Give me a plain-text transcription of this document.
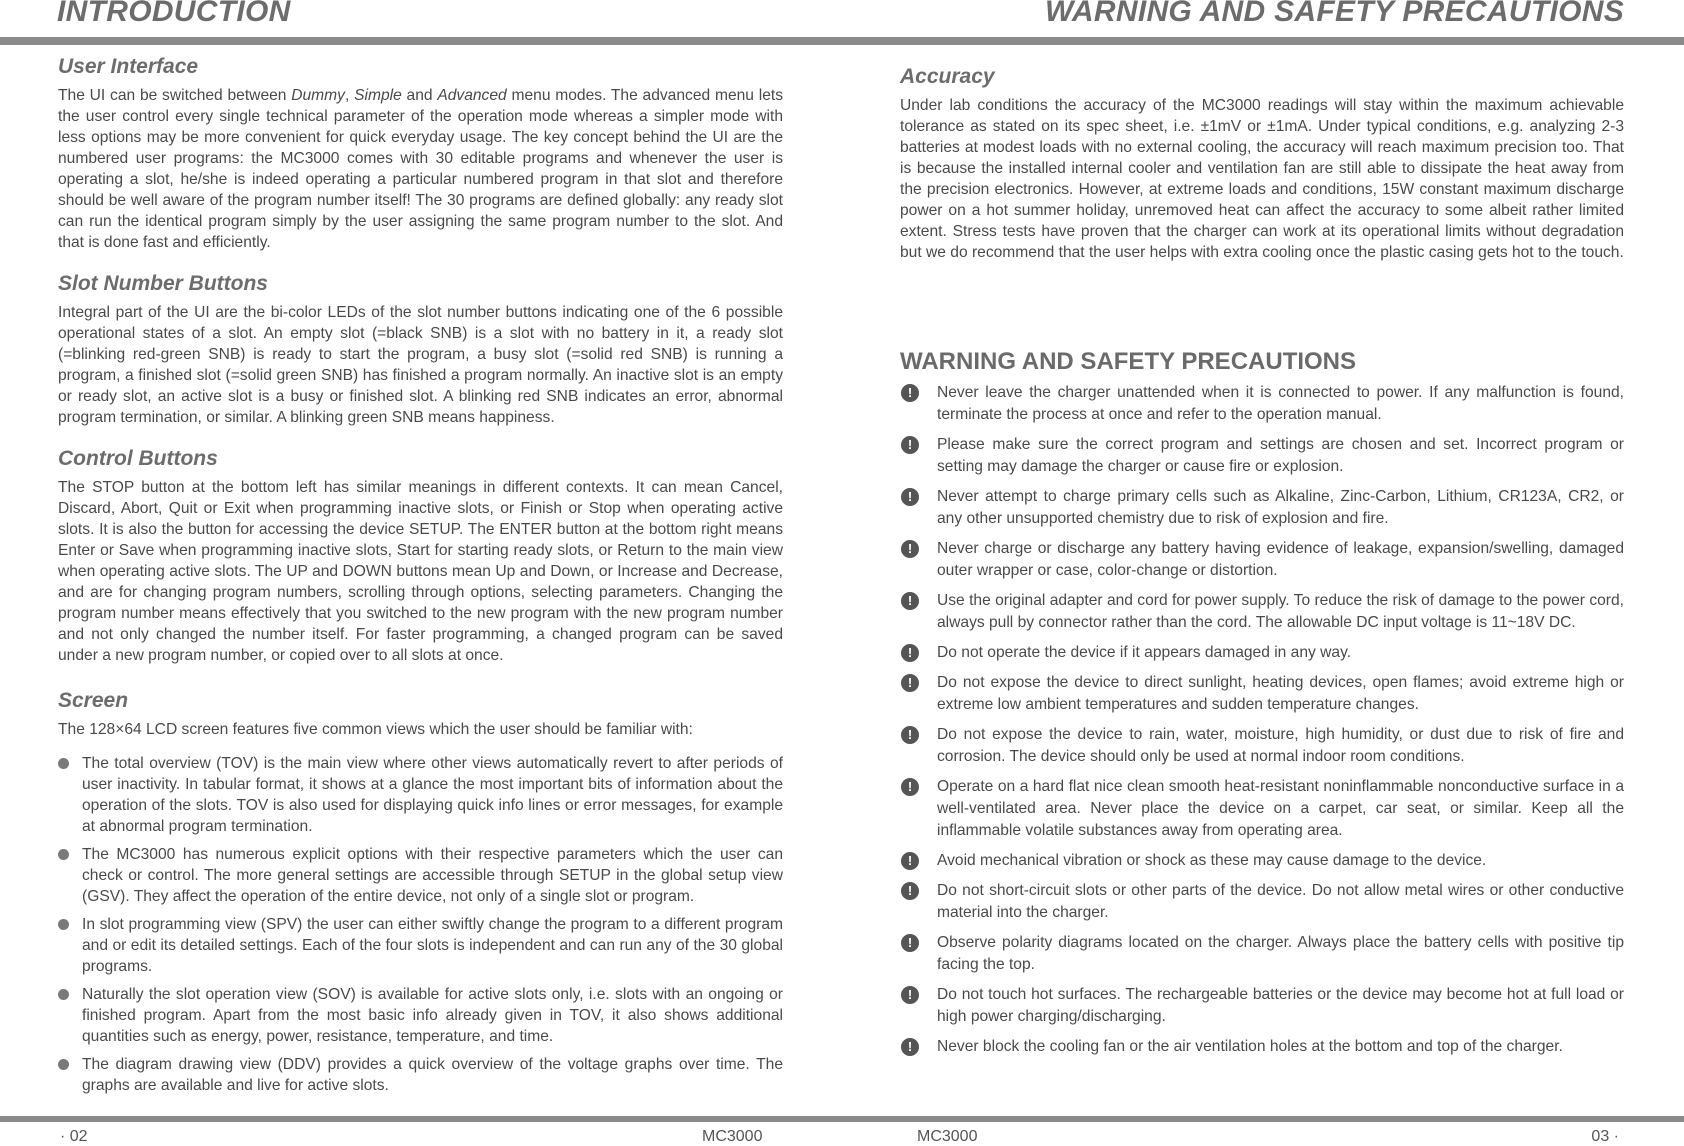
INTRODUCTION	WARNING AND SAFETY PRECAUTIONS
User Interface

The UI can be switched between Dummy, Simple and Advanced menu modes. The advanced menu lets the user control every single technical parameter of the operation mode whereas a simpler mode with less options may be more convenient for quick everyday usage. The key concept behind the UI are the numbered user programs: the MC3000 comes with 30 editable programs and whenever the user is operating a slot, he/she is indeed operating a particular numbered program in that slot and therefore should be well aware of the program number itself! The 30 programs are defined globally: any ready slot can run the identical program simply by the user assigning the same program number to the slot. And that is done fast and efficiently.

Slot Number Buttons

Integral part of the UI are the bi-color LEDs of the slot number buttons indicating one of the 6 possible operational states of a slot. An empty slot (=black SNB) is a slot with no battery in it, a ready slot (=blinking red-green SNB) is ready to start the program, a busy slot (=solid red SNB) is running a program, a finished slot (=solid green SNB) has finished a program normally. An inactive slot is an empty or ready slot, an active slot is a busy or finished slot. A blinking red SNB indicates an error, abnormal program termination, or similar. A blinking green SNB means happiness.

Control Buttons

The STOP button at the bottom left has similar meanings in different contexts. It can mean Cancel, Discard, Abort, Quit or Exit when programming inactive slots, or Finish or Stop when operating active slots. It is also the button for accessing the device SETUP. The ENTER button at the bottom right means Enter or Save when programming inactive slots, Start for starting ready slots, or Return to the main view when operating active slots. The UP and DOWN buttons mean Up and Down, or Increase and Decrease, and are for changing program numbers, scrolling through options, selecting parameters. Changing the program number means effectively that you switched to the new program with the new program number and not only changed the number itself. For faster programming, a changed program can be saved under a new program number, or copied over to all slots at once.

Screen

The 128×64 LCD screen features five common views which the user should be familiar with:

The total overview (TOV) is the main view where other views automatically revert to after periods of user inactivity. In tabular format, it shows at a glance the most important bits of information about the operation of the slots. TOV is also used for displaying quick info lines or error messages, for example at abnormal program termination.
The MC3000 has numerous explicit options with their respective parameters which the user can check or control. The more general settings are accessible through SETUP in the global setup view (GSV). They affect the operation of the entire device, not only of a single slot or program.
In slot programming view (SPV) the user can either swiftly change the program to a different program and or edit its detailed settings. Each of the four slots is independent and can run any of the 30 global programs.
Naturally the slot operation view (SOV) is available for active slots only, i.e. slots with an ongoing or finished program. Apart from the most basic info already given in TOV, it also shows additional quantities such as energy, power, resistance, temperature, and time.
The diagram drawing view (DDV) provides a quick overview of the voltage graphs over time. The graphs are available and live for active slots.
Accuracy

Under lab conditions the accuracy of the MC3000 readings will stay within the maximum achievable tolerance as stated on its spec sheet, i.e. ±1mV or ±1mA. Under typical conditions, e.g. analyzing 2-3 batteries at modest loads with no external cooling, the accuracy will reach maximum precision too. That is because the installed internal cooler and ventilation fan are still able to dissipate the heat away from the precision electronics. However, at extreme loads and conditions, 15W constant maximum discharge power on a hot summer holiday, unremoved heat can affect the accuracy to some albeit rather limited extent. Stress tests have proven that the charger can work at its operational limits without degradation but we do recommend that the user helps with extra cooling once the plastic casing gets hot to the touch.

WARNING AND SAFETY PRECAUTIONS
!	Never leave the charger unattended when it is connected to power. If any malfunction is found, terminate the process at once and refer to the operation manual.
!	Please make sure the correct program and settings are chosen and set. Incorrect program or setting may damage the charger or cause fire or explosion.
!	Never attempt to charge primary cells such as Alkaline, Zinc-Carbon, Lithium, CR123A, CR2, or any other unsupported chemistry due to risk of explosion and fire.
!	Never charge or discharge any battery having evidence of leakage, expansion/swelling, damaged outer wrapper or case, color-change or distortion.
!	Use the original adapter and cord for power supply. To reduce the risk of damage to the power cord, always pull by connector rather than the cord. The allowable DC input voltage is 11~18V DC.
!	Do not operate the device if it appears damaged in any way.
!	Do not expose the device to direct sunlight, heating devices, open flames; avoid extreme high or extreme low ambient temperatures and sudden temperature changes.
!	Do not expose the device to rain, water, moisture, high humidity, or dust due to risk of fire and corrosion. The device should only be used at normal indoor room conditions.
!	Operate on a hard flat nice clean smooth heat-resistant noninflammable nonconductive surface in a well-ventilated area. Never place the device on a carpet, car seat, or similar. Keep all the inflammable volatile substances away from operating area.
!	Avoid mechanical vibration or shock as these may cause damage to the device.
!	Do not short-circuit slots or other parts of the device. Do not allow metal wires or other conductive material into the charger.
!	Observe polarity diagrams located on the charger. Always place the battery cells with positive tip facing the top.
!	Do not touch hot surfaces. The rechargeable batteries or the device may become hot at full load or high power charging/discharging.
!	Never block the cooling fan or the air ventilation holes at the bottom and top of the charger.
· 02	MC3000	MC3000	03 ·
